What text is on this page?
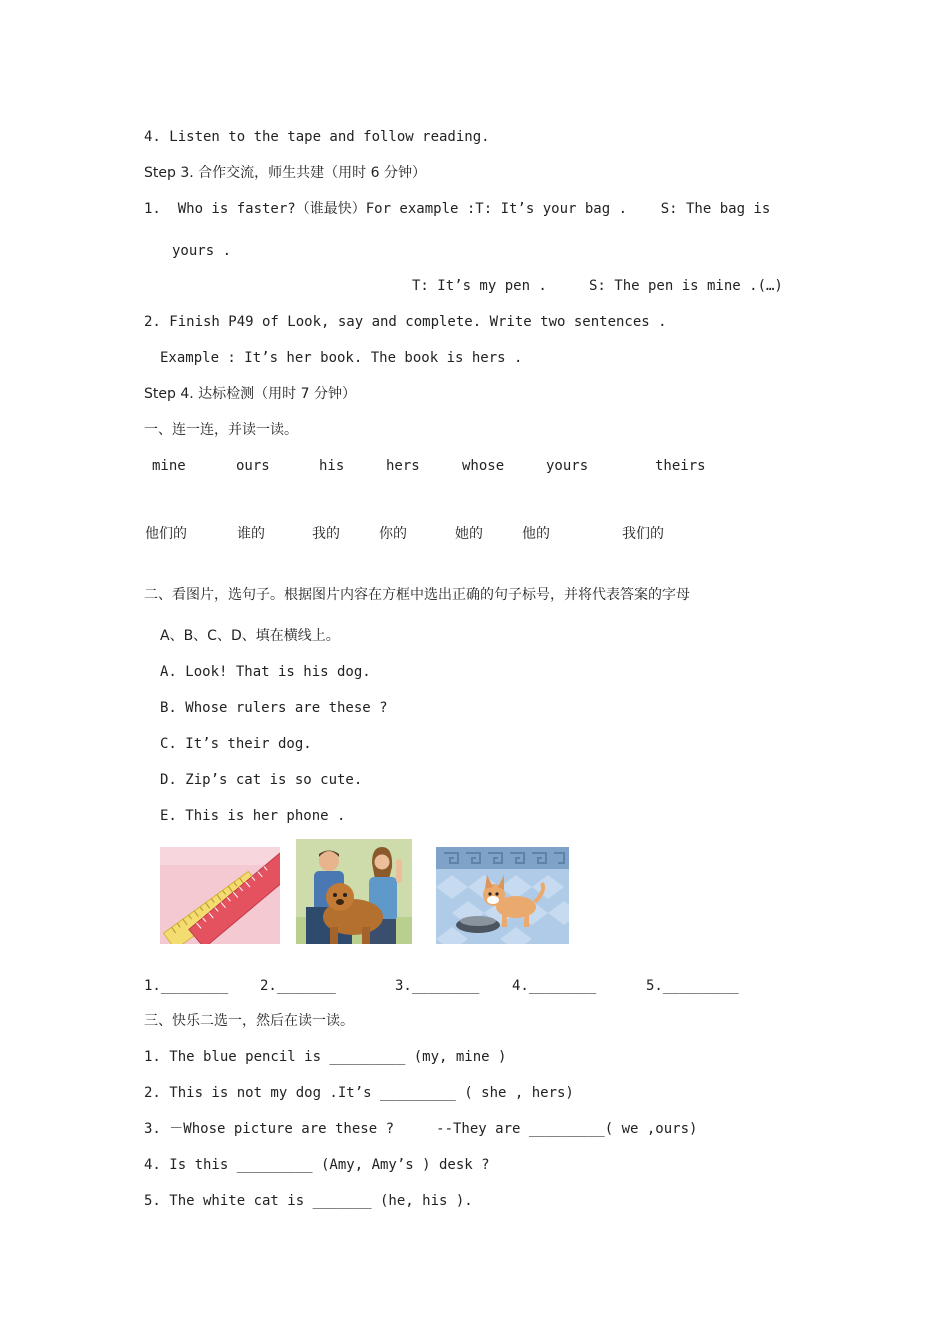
4. Listen to the tape and follow reading.
Step 3. 合作交流，师生共建（用时 6 分钟）
1.  Who is faster?（谁最快）For example :T: It’s your bag .    S: The bag is
yours .
T: It’s my pen .     S: The pen is mine .(…)
2. Finish P49 of Look, say and complete. Write two sentences .
Example : It’s her book. The book is hers .
Step 4. 达标检测（用时 7 分钟）
一、连一连，并读一读。
mine	ours	his	hers	whose	yours	theirs
他们的	谁的	我的	你的	她的	他的	我们的
二、看图片，选句子。根据图片内容在方框中选出正确的句子标号，并将代表答案的字母
A、B、C、D、填在横线上。
A. Look! That is his dog.
B. Whose rulers are these ?
C. It’s their dog.
D. Zip’s cat is so cute.
E. This is her phone .
1.________ 2._______	3.________ 4.________	5._________
三、快乐二选一，然后在读一读。
1. The blue pencil is _________ (my, mine )
2. This is not my dog .It’s _________ ( she , hers)
3. －Whose picture are these ?     --They are _________( we ,ours)
4. Is this _________ (Amy, Amy’s ) desk ?
5. The white cat is _______ (he, his ).
